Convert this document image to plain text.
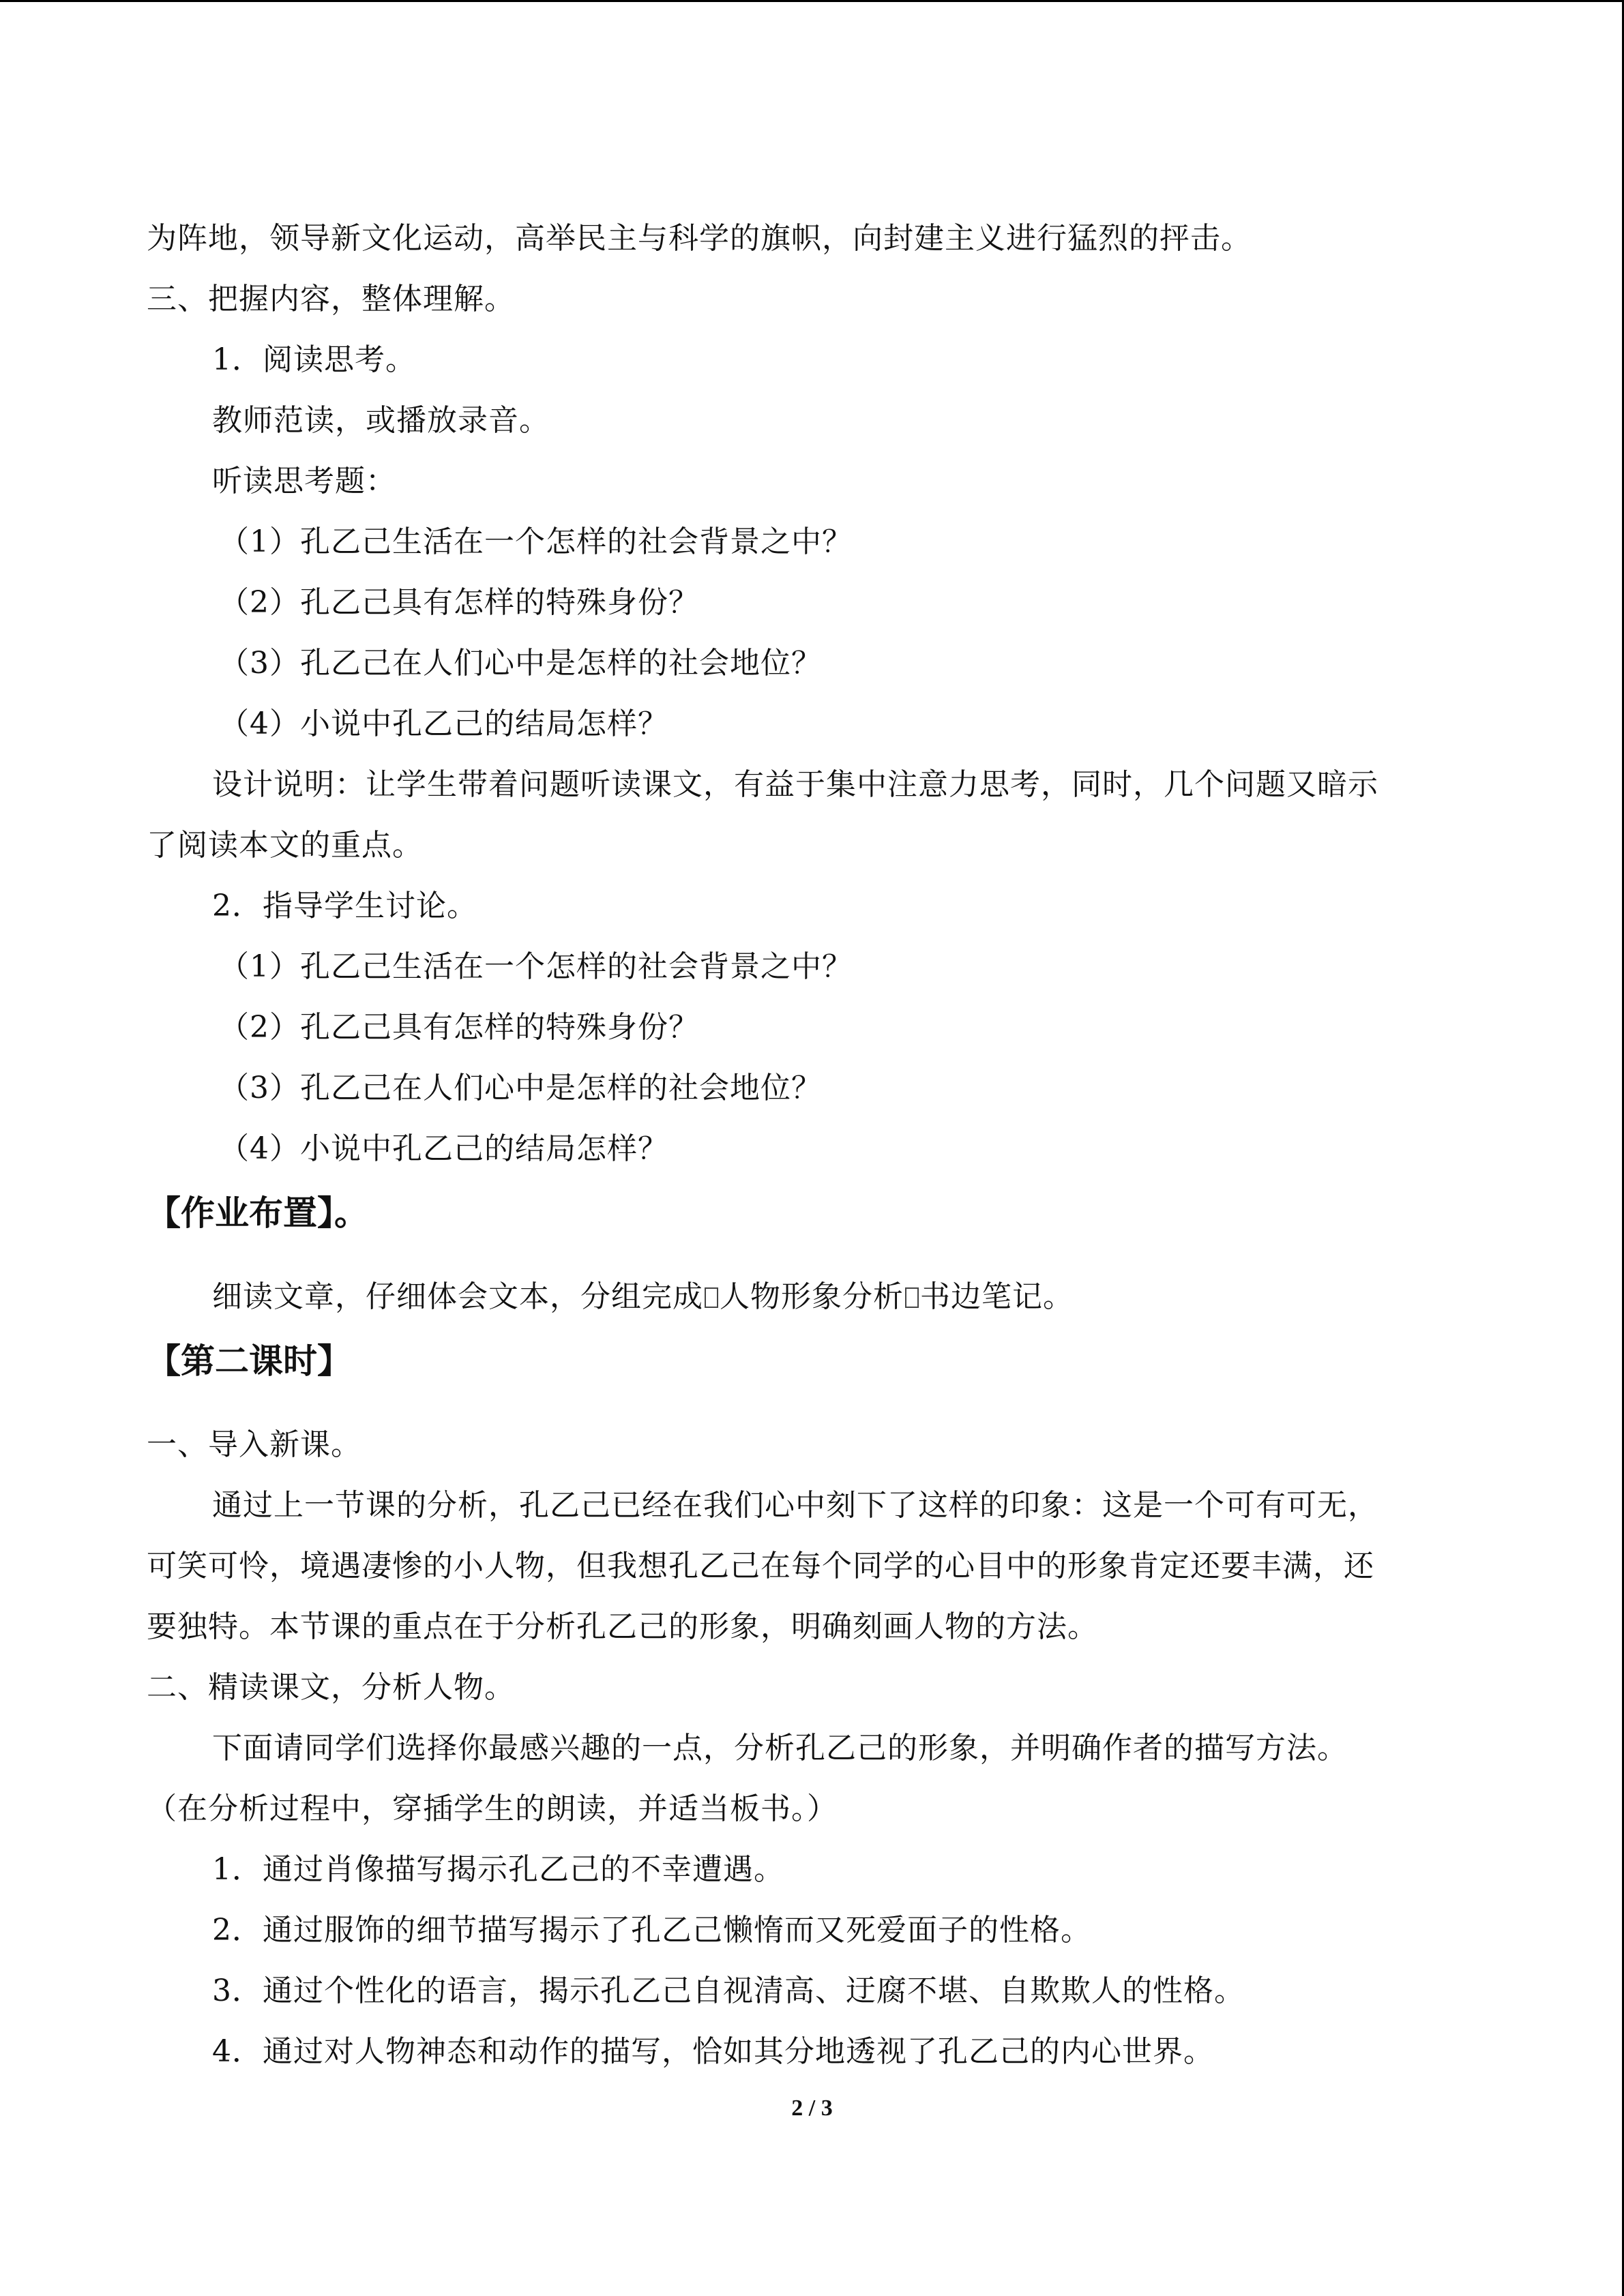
为阵地，领导新文化运动，高举民主与科学的旗帜，向封建主义进行猛烈的抨击。
三、把握内容，整体理解。
1．阅读思考。
教师范读，或播放录音。
听读思考题：
（1）孔乙己生活在一个怎样的社会背景之中？
（2）孔乙己具有怎样的特殊身份？
（3）孔乙己在人们心中是怎样的社会地位？
（4）小说中孔乙己的结局怎样？
设计说明：让学生带着问题听读课文，有益于集中注意力思考，同时，几个问题又暗示
了阅读本文的重点。
2．指导学生讨论。
（1）孔乙己生活在一个怎样的社会背景之中？
（2）孔乙己具有怎样的特殊身份？
（3）孔乙己在人们心中是怎样的社会地位？
（4）小说中孔乙己的结局怎样？
【作业布置】。
细读文章，仔细体会文本，分组完成 人物形象分析 书边笔记。
【第二课时】
一、导入新课。
通过上一节课的分析，孔乙己已经在我们心中刻下了这样的印象：这是一个可有可无，
可笑可怜，境遇凄惨的小人物，但我想孔乙己在每个同学的心目中的形象肯定还要丰满，还
要独特。本节课的重点在于分析孔乙己的形象，明确刻画人物的方法。
二、精读课文，分析人物。
下面请同学们选择你最感兴趣的一点，分析孔乙己的形象，并明确作者的描写方法。
（在分析过程中，穿插学生的朗读，并适当板书。）
1．通过肖像描写揭示孔乙己的不幸遭遇。
2．通过服饰的细节描写揭示了孔乙己懒惰而又死爱面子的性格。
3．通过个性化的语言，揭示孔乙己自视清高、迂腐不堪、自欺欺人的性格。
4．通过对人物神态和动作的描写，恰如其分地透视了孔乙己的内心世界。
2 / 3
